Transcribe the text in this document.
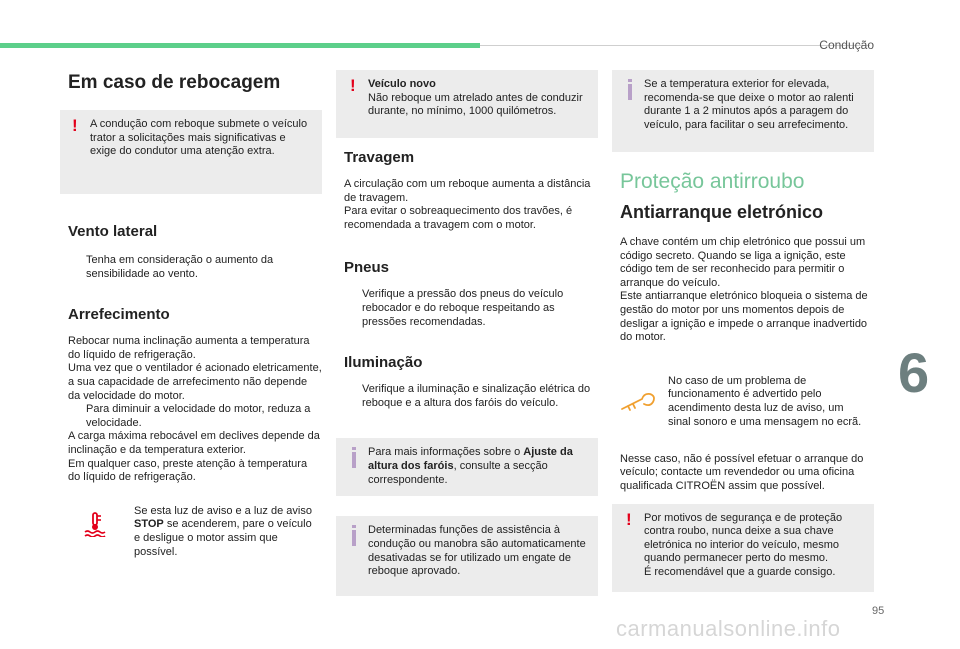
Condução
Em caso de rebocagem
! A condução com reboque submete o veículo trator a solicitações mais significativas e exige do condutor uma atenção extra.
Vento lateral
Tenha em consideração o aumento da sensibilidade ao vento.
Arrefecimento

Rebocar numa inclinação aumenta a temperatura do líquido de refrigeração.

Uma vez que o ventilador é acionado eletricamente, a sua capacidade de arrefecimento não depende da velocidade do motor.

Para diminuir a velocidade do motor, reduza a velocidade.

A carga máxima rebocável em declives depende da inclinação e da temperatura exterior.

Em qualquer caso, preste atenção à temperatura do líquido de refrigeração.

Se esta luz de aviso e a luz de aviso STOP se acenderem, pare o veículo e desligue o motor assim que possível.
! Veículo novo
Não reboque um atrelado antes de conduzir durante, no mínimo, 1000 quilómetros.
Travagem

A circulação com um reboque aumenta a distância de travagem.

Para evitar o sobreaquecimento dos travões, é recomendada a travagem com o motor.

Pneus
Verifique a pressão dos pneus do veículo rebocador e do reboque respeitando as pressões recomendadas.
Iluminação
Verifique a iluminação e sinalização elétrica do reboque e a altura dos faróis do veículo.
Para mais informações sobre o Ajuste da altura dos faróis, consulte a secção correspondente.
Determinadas funções de assistência à condução ou manobra são automaticamente desativadas se for utilizado um engate de reboque aprovado.
Se a temperatura exterior for elevada, recomenda-se que deixe o motor ao ralenti durante 1 a 2 minutos após a paragem do veículo, para facilitar o seu arrefecimento.
Proteção antirroubo
Antiarranque eletrónico

A chave contém um chip eletrónico que possui um código secreto. Quando se liga a ignição, este código tem de ser reconhecido para permitir o arranque do veículo.

Este antiarranque eletrónico bloqueia o sistema de gestão do motor por uns momentos depois de desligar a ignição e impede o arranque inadvertido do motor.

No caso de um problema de funcionamento é advertido pelo acendimento desta luz de aviso, um sinal sonoro e uma mensagem no ecrã.

Nesse caso, não é possível efetuar o arranque do veículo; contacte um revendedor ou uma oficina qualificada CITROËN assim que possível.

! Por motivos de segurança e de proteção contra roubo, nunca deixe a sua chave eletrónica no interior do veículo, mesmo quando permanecer perto do mesmo.
É recomendável que a guarde consigo.
6
95
carmanualsonline.info
